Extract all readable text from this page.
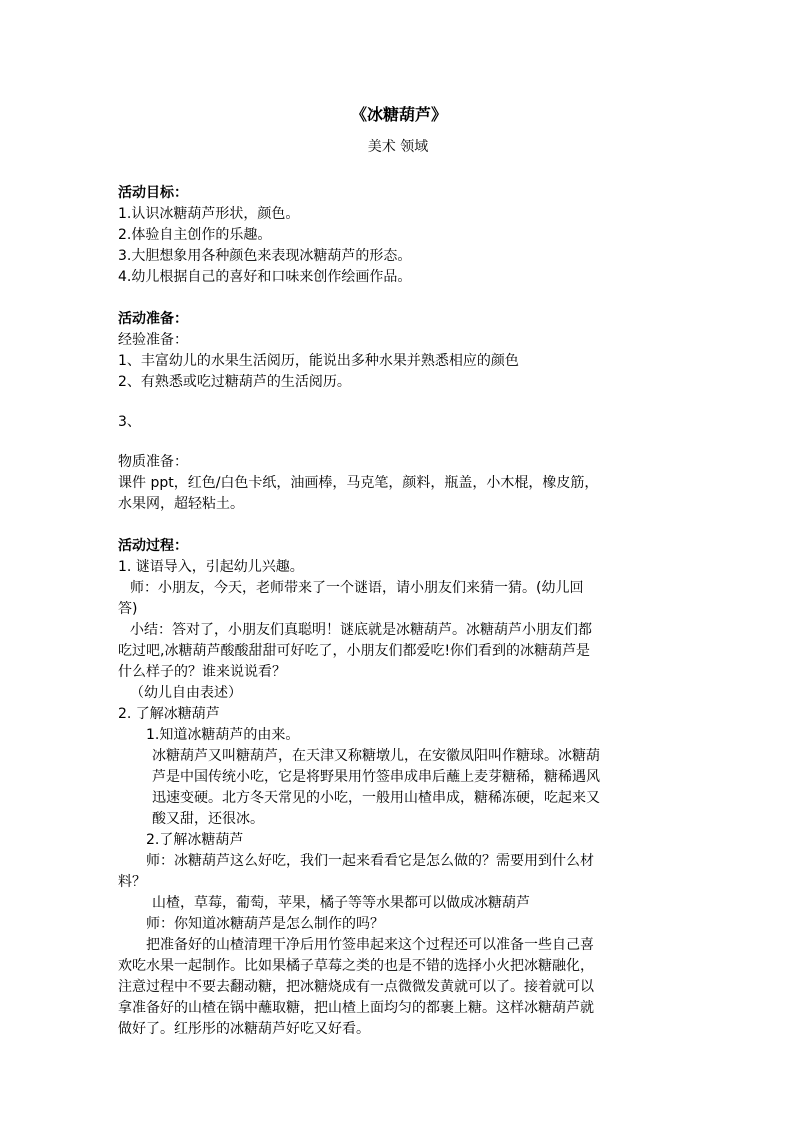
《冰糖葫芦》
美术 领域

活动目标：

1.认识冰糖葫芦形状，颜色。

2.体验自主创作的乐趣。

3.大胆想象用各种颜色来表现冰糖葫芦的形态。

4.幼儿根据自己的喜好和口味来创作绘画作品。

活动准备：

经验准备：

1、丰富幼儿的水果生活阅历，能说出多种水果并熟悉相应的颜色

2、有熟悉或吃过糖葫芦的生活阅历。

3、

物质准备：

课件 ppt，红色/白色卡纸，油画棒，马克笔，颜料，瓶盖，小木棍，橡皮筋，

水果网，超轻粘土。

活动过程：

1. 谜语导入，引起幼儿兴趣。

师：小朋友，今天，老师带来了一个谜语，请小朋友们来猜一猜。(幼儿回

答)

小结：答对了，小朋友们真聪明！谜底就是冰糖葫芦。冰糖葫芦小朋友们都

吃过吧,冰糖葫芦酸酸甜甜可好吃了，小朋友们都爱吃!你们看到的冰糖葫芦是

什么样子的？谁来说说看？

（幼儿自由表述）

2. 了解冰糖葫芦

1.知道冰糖葫芦的由来。

冰糖葫芦又叫糖葫芦，在天津又称糖墩儿，在安徽凤阳叫作糖球。冰糖葫

芦是中国传统小吃，它是将野果用竹签串成串后蘸上麦芽糖稀，糖稀遇风

迅速变硬。北方冬天常见的小吃，一般用山楂串成，糖稀冻硬，吃起来又

酸又甜，还很冰。

2.了解冰糖葫芦

师：冰糖葫芦这么好吃，我们一起来看看它是怎么做的？需要用到什么材

料？

山楂，草莓，葡萄，苹果，橘子等等水果都可以做成冰糖葫芦

师：你知道冰糖葫芦是怎么制作的吗？

把准备好的山楂清理干净后用竹签串起来这个过程还可以准备一些自己喜

欢吃水果一起制作。比如果橘子草莓之类的也是不错的选择小火把冰糖融化，

注意过程中不要去翻动糖，把冰糖烧成有一点微微发黄就可以了。接着就可以

拿准备好的山楂在锅中蘸取糖，把山楂上面均匀的都裹上糖。这样冰糖葫芦就

做好了。红彤彤的冰糖葫芦好吃又好看。
